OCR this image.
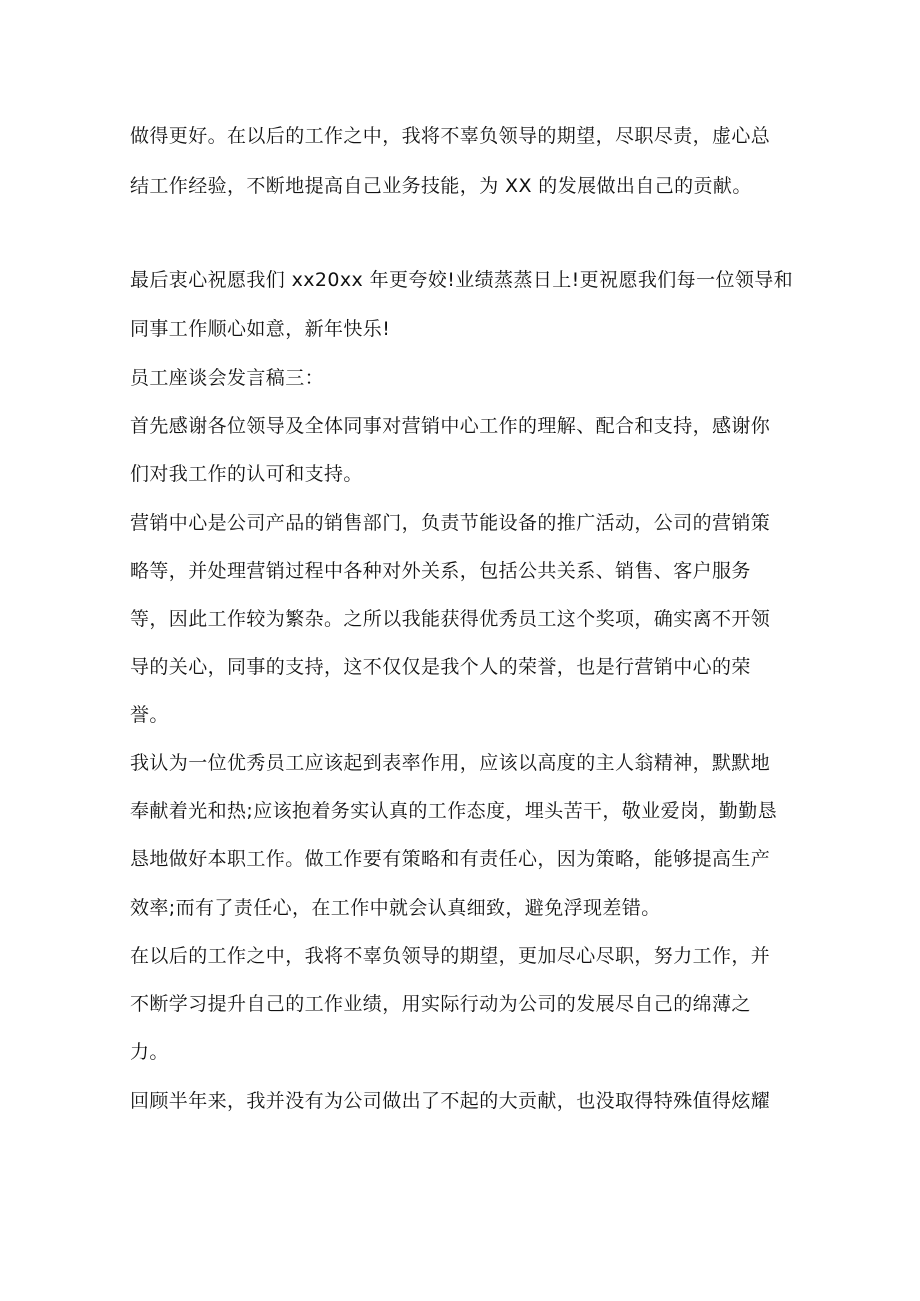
做得更好。在以后的工作之中，我将不辜负领导的期望，尽职尽责，虚心总
结工作经验，不断地提高自己业务技能，为 XX 的发展做出自己的贡献。
最后衷心祝愿我们 xx20xx 年更夸姣!业绩蒸蒸日上!更祝愿我们每一位领导和
同事工作顺心如意，新年快乐!
员工座谈会发言稿三：
首先感谢各位领导及全体同事对营销中心工作的理解、配合和支持，感谢你
们对我工作的认可和支持。
营销中心是公司产品的销售部门，负责节能设备的推广活动，公司的营销策
略等，并处理营销过程中各种对外关系，包括公共关系、销售、客户服务
等，因此工作较为繁杂。之所以我能获得优秀员工这个奖项，确实离不开领
导的关心，同事的支持，这不仅仅是我个人的荣誉，也是行营销中心的荣
誉。
我认为一位优秀员工应该起到表率作用，应该以高度的主人翁精神，默默地
奉献着光和热;应该抱着务实认真的工作态度，埋头苦干，敬业爱岗，勤勤恳
恳地做好本职工作。做工作要有策略和有责任心，因为策略，能够提高生产
效率;而有了责任心，在工作中就会认真细致，避免浮现差错。
在以后的工作之中，我将不辜负领导的期望，更加尽心尽职，努力工作，并
不断学习提升自己的工作业绩，用实际行动为公司的发展尽自己的绵薄之
力。
回顾半年来，我并没有为公司做出了不起的大贡献，也没取得特殊值得炫耀
